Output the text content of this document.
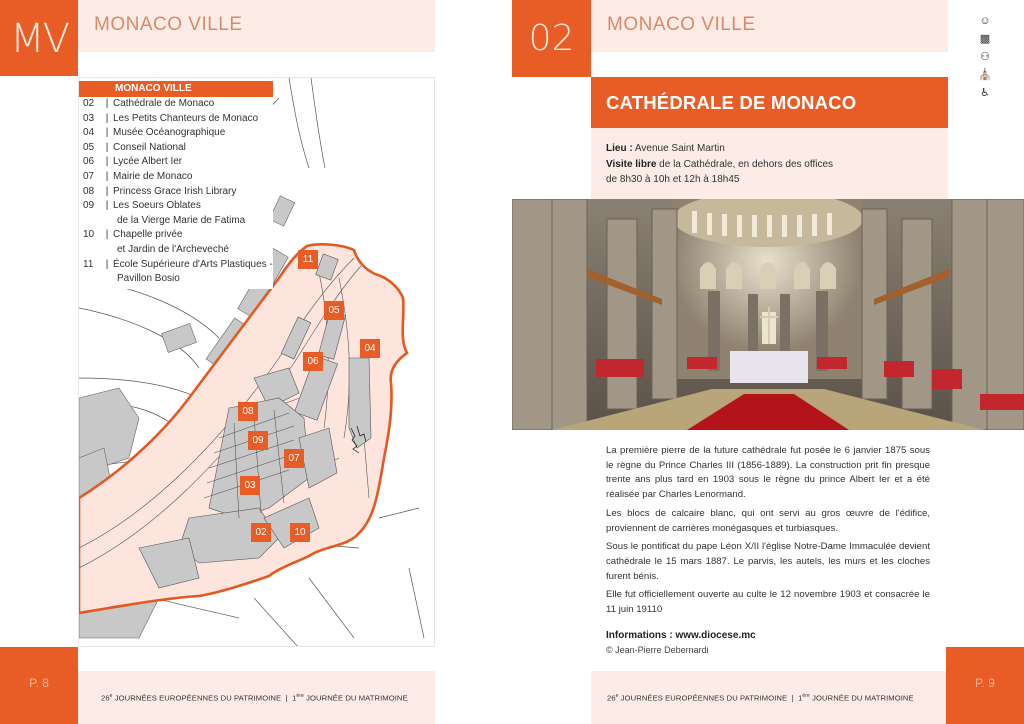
MV	MONACO VILLE
11
05
04
06
08
09
07
03
02	10
MONACO VILLE
02	| Cathédrale de Monaco
03	| Les Petits Chanteurs de Monaco
04	| Musée Océanographique
05	| Conseil National
06	| Lycée Albert Ier
07	| Mairie de Monaco
08	| Princess Grace Irish Library
09	| Les Soeurs Oblates
de la Vierge Marie de Fatima
10	| Chapelle privée
et Jardin de l'Archeveché
11	| École Supérieure d'Arts Plastiques -
Pavillon Bosio
P. 8
26e JOURNÉES EUROPÉENNES DU PATRIMOINE  |  1ère JOURNÉE DU MATRIMOINE
02	MONACO VILLE	☺
▩
⚇
⛪
♿
CATHÉDRALE DE MONACO
Lieu : Avenue Saint Martin
Visite libre de la Cathédrale, en dehors des offices
de 8h30 à 10h et 12h à 18h45

La première pierre de la future cathédrale fut posée le 6 janvier 1875 sous le règne du Prince Charles III (1856-1889). La construction prit fin presque trente ans plus tard en 1903 sous le règne du prince Albert Ier et a été réalisée par Charles Lenormand.

Les blocs de calcaire blanc, qui ont servi au gros œuvre de l'édifice, proviennent de carrières monégasques et turbiasques.

Sous le pontificat du pape Léon X/II l'église Notre-Dame Immaculée devient cathédrale le 15 mars 1887. Le parvis, les autels, les murs et les cloches furent bénis.

Elle fut officiellement ouverte au culte le 12 novembre 1903 et consacrée le 11 juin 19110

Informations : www.diocese.mc
© Jean-Pierre Debernardi
26e JOURNÉES EUROPÉENNES DU PATRIMOINE  |  1ère JOURNÉE DU MATRIMOINE
P. 9
